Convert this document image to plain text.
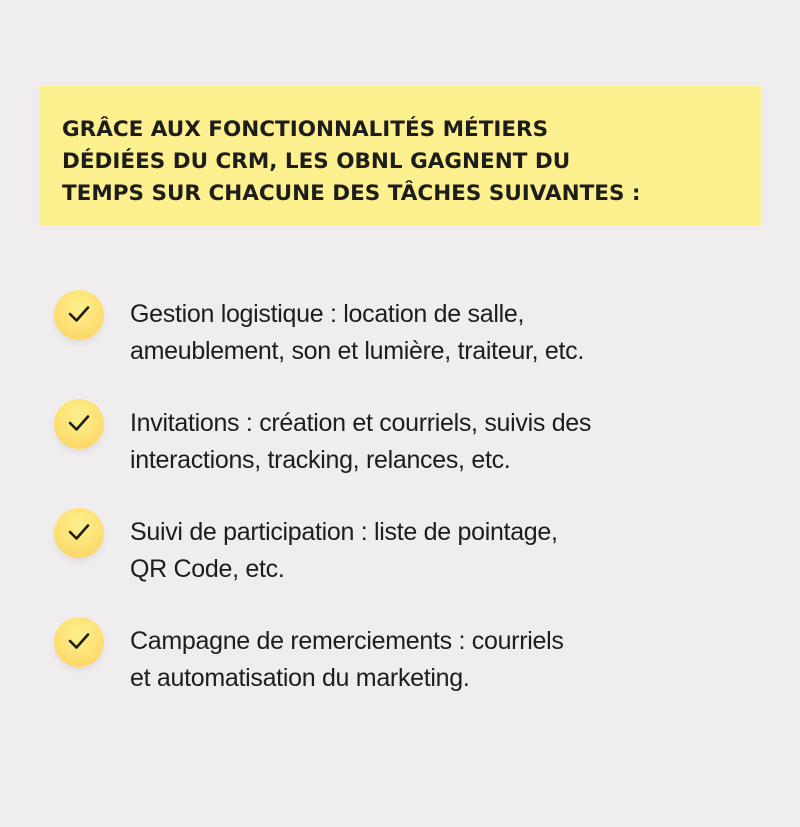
GRÂCE AUX FONCTIONNALITÉS MÉTIERS
DÉDIÉES DU CRM, LES OBNL GAGNENT DU
TEMPS SUR CHACUNE DES TÂCHES SUIVANTES :

Gestion logistique : location de salle,
ameublement, son et lumière, traiteur, etc.

Invitations : création et courriels, suivis des
interactions, tracking, relances, etc.

Suivi de participation : liste de pointage,
QR Code, etc.

Campagne de remerciements : courriels
et automatisation du marketing.
